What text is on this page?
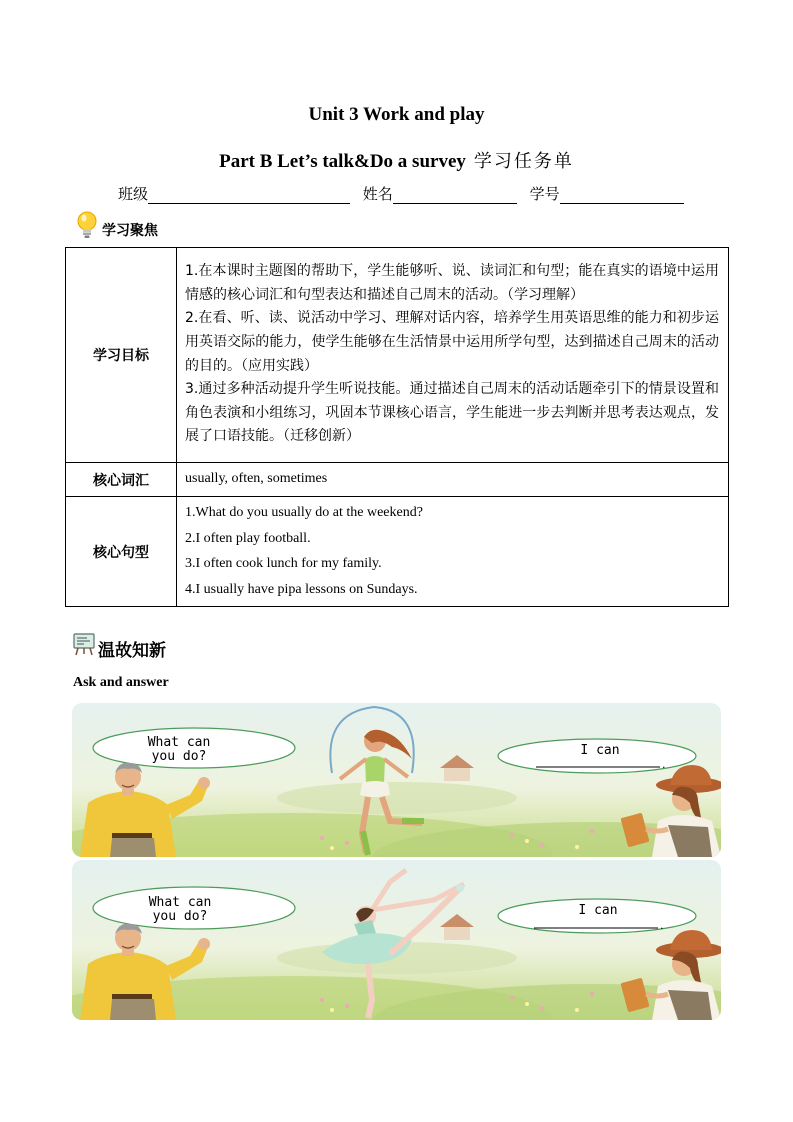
Unit 3 Work and play
Part B Let’s talk&Do a survey 学习任务单
班级	姓名	学号
学习聚焦
学习目标	1.在本课时主题图的帮助下，学生能够听、说、读词汇和句型；能在真实的语境中运用情感的核心词汇和句型表达和描述自己周末的活动。（学习理解）

2.在看、听、读、说活动中学习、理解对话内容，培养学生用英语思维的能力和初步运用英语交际的能力，使学生能够在生活情景中运用所学句型，达到描述自己周末的活动的目的。（应用实践）

3.通过多种活动提升学生听说技能。通过描述自己周末的活动话题牵引下的情景设置和角色表演和小组练习，巩固本节课核心语言，学生能进一步去判断并思考表达观点，发展了口语技能。（迁移创新）

核心词汇	usually, often, sometimes

核心句型	1.What do you usually do at the weekend?

2.I often play football.

3.I often cook lunch for my family.

4.I usually have pipa lessons on Sundays.

温故知新
Ask and answer
What can
you do?	I can
.
What can
you do?	I can
.
